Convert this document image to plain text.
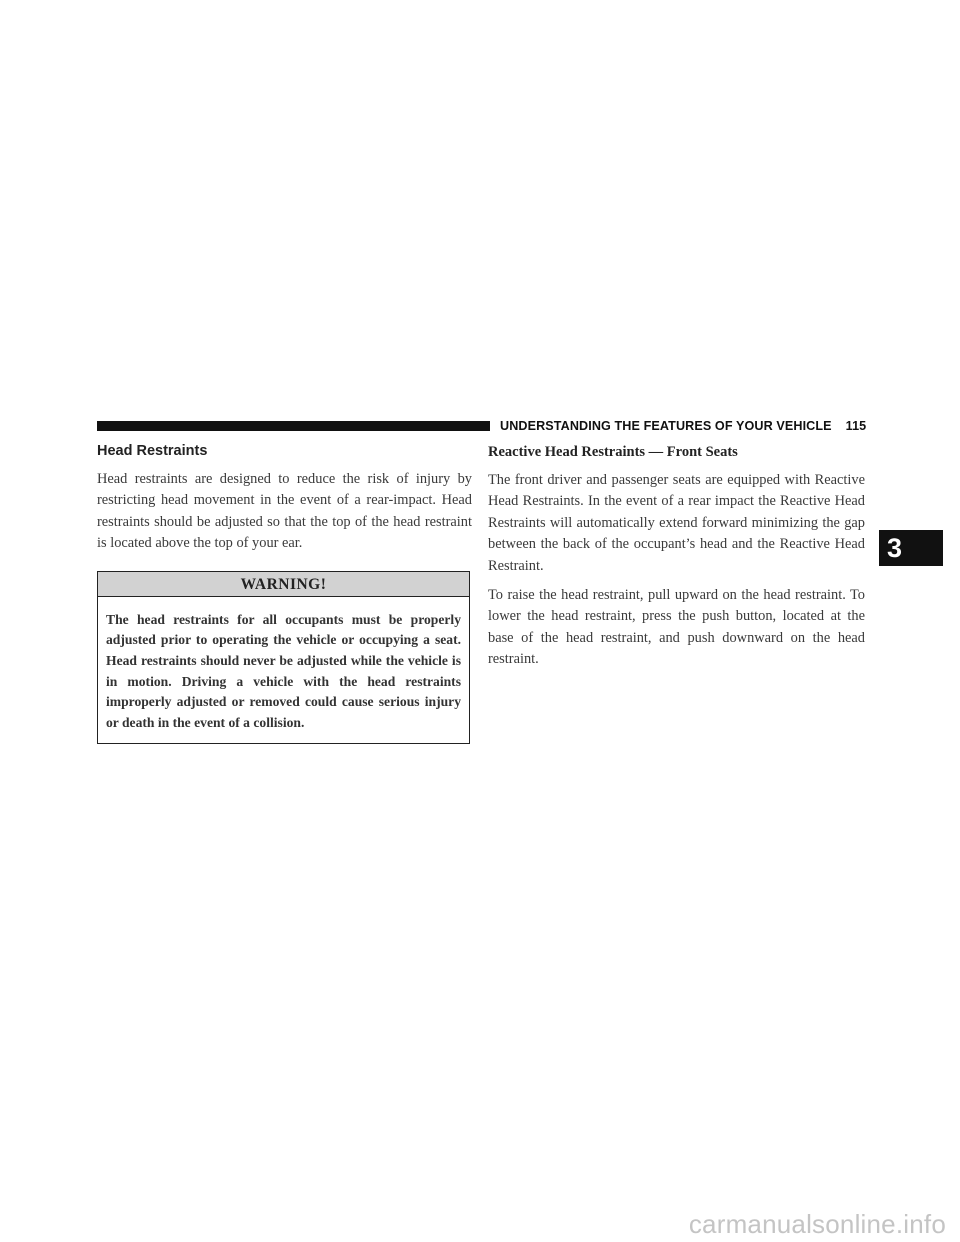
UNDERSTANDING THE FEATURES OF YOUR VEHICLE 115
Head Restraints

Head restraints are designed to reduce the risk of injury by restricting head movement in the event of a rear-impact. Head restraints should be adjusted so that the top of the head restraint is located above the top of your ear.

WARNING!
The head restraints for all occupants must be properly adjusted prior to operating the vehicle or occupying a seat. Head restraints should never be adjusted while the vehicle is in motion. Driving a vehicle with the head restraints improperly adjusted or removed could cause serious injury or death in the event of a collision.
Reactive Head Restraints — Front Seats

The front driver and passenger seats are equipped with Reactive Head Restraints. In the event of a rear impact the Reactive Head Restraints will automatically extend forward minimizing the gap between the back of the occupant’s head and the Reactive Head Restraint.

To raise the head restraint, pull upward on the head restraint. To lower the head restraint, press the push button, located at the base of the head restraint, and push downward on the head restraint.

3
carmanualsonline.info
